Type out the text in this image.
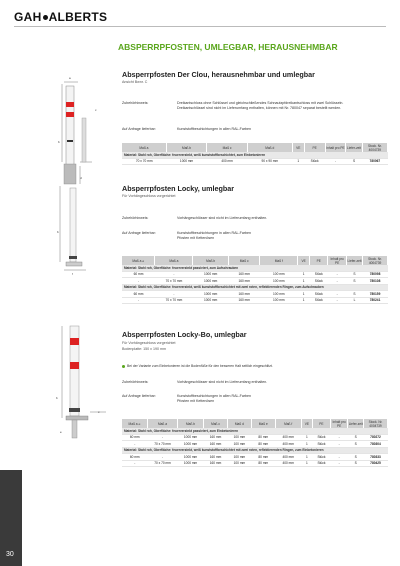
GAH ALBERTS
ABSPERRPFOSTEN, UMLEGBAR, HERAUSNEHMBAR
a
b
c
d
Absperrpfosten Der Clou, herausnehmbar und umlegbar
Ansicht Bwnr. C
Zubehörhinweis:	Dreikantschloss ohne Schlüssel und gleichschließendes Schnautzpfdreikantschloss mit zwei Schlüsseln.
Dreikantschlüssel sind nicht im Lieferumfang enthalten, können mit Nr. 780047 separat bestellt werden.
Auf Anfrage lieferbar:	Kunststoffbeschichtungen in allen RAL-Farben
Maß a	Maß b	Maß c	Maß d	VE	PE	Inhalt pro PE	Liefer-zeit	Stock. Nr. 4004739
Material: Stahl roh, Oberfläche: feuerverzinkt, weiß kunststoffbeschichtet, zum Einbetonieren								
70 x 70 mm	1000 mm	400 mm	90 x 90 mm	1	Stück	-	S	780067
b
f
Absperrpfosten Locky, umlegbar
Für Vorhängeschloss vorgerichtet
Zubehörhinweis:	Vorhängeschlösser sind nicht im Lieferumfang enthalten.
Auf Anfrage lieferbar:	Kunststoffbeschichtungen in allen RAL-Farben
Pfosten mit Kettenösen
Maß a ⌀	Maß a	Maß b	Maß c	Maß f	VE	PE	Inhalt pro PE	Liefer-zeit	Stock. Nr. 4004739
Material: Stahl roh, Oberfläche: feuerverzinkt passiviert, zum Aufschrauben									
60 mm	-	1000 mm	160 mm	100 mm	1	Stück	-	S	780098
-	70 x 70 mm	1000 mm	160 mm	100 mm	1	Stück	-	S	780108
Material: Stahl roh, Oberfläche: feuerverzinkt, weiß kunststoffbeschichtet mit zwei roten, reflektierenden Ringen, zum Aufschrauben									
60 mm	-	1000 mm	160 mm	100 mm	1	Stück	-	S	780159
-	70 x 70 mm	1000 mm	160 mm	100 mm	1	Stück	-	L	780241
b
e
c
Absperrpfosten Locky-Bo, umlegbar
Für Vorhängeschloss vorgerichtet
Bodenplatte: 150 x 190 mm
Bei der Variante zum Einbetonieren ist die Bodenfüße für den besseren Halt seitlich eingeschlitzt.
Zubehörhinweis:	Vorhängeschlösser sind nicht im Lieferumfang enthalten.
Auf Anfrage lieferbar:	Kunststoffbeschichtungen in allen RAL-Farben
Pfosten mit Kettenösen
Maß a ⌀	Maß a	Maß b	Maß c	Maß d	Maß e	Maß f	VE	PE	Inhalt pro PE	Liefer-zeit	Stock. Nr. 4004739
Material: Stahl roh, Oberfläche: feuerverzinkt passiviert, zum Einbetonieren											
60 mm	-	1000 mm	160 mm	100 mm	80 mm	400 mm	1	Stück	-	S	780272
-	70 x 70 mm	1000 mm	160 mm	100 mm	80 mm	400 mm	1	Stück	-	S	780304
Material: Stahl roh, Oberfläche: feuerverzinkt, weiß kunststoffbeschichtet mit zwei roten, reflektierenden Ringen, zum Einbetonieren											
60 mm	-	1000 mm	160 mm	100 mm	80 mm	400 mm	1	Stück	-	S	780333
-	70 x 70 mm	1000 mm	160 mm	100 mm	80 mm	400 mm	1	Stück	-	S	780425
30
